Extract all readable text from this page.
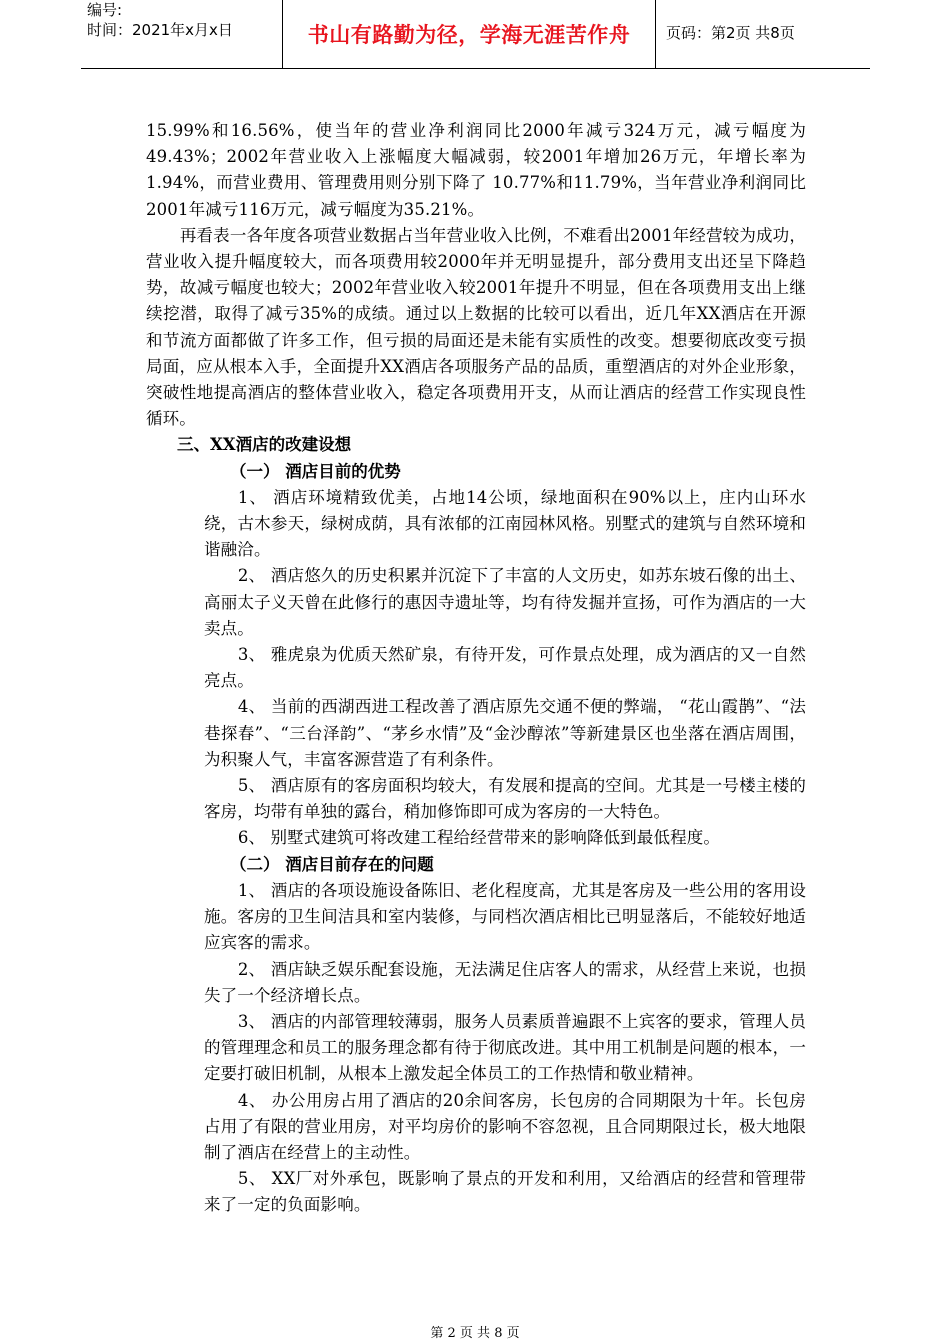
编号:
时间：2021年x月x日	书山有路勤为径，学海无涯苦作舟	页码：第2页 共8页

15.99%和16.56%，使当年的营业净利润同比2000年减亏324万元，减亏幅度为49.43%；2002年营业收入上涨幅度大幅减弱，较2001年增加26万元，年增长率为1.94%，而营业费用、管理费用则分别下降了 10.77%和11.79%，当年营业净利润同比2001年减亏116万元，减亏幅度为35.21%。

再看表一各年度各项营业数据占当年营业收入比例，不难看出2001年经营较为成功，营业收入提升幅度较大，而各项费用较2000年并无明显提升，部分费用支出还呈下降趋势，故减亏幅度也较大；2002年营业收入较2001年提升不明显，但在各项费用支出上继续挖潜，取得了减亏35%的成绩。通过以上数据的比较可以看出，近几年XX酒店在开源和节流方面都做了许多工作，但亏损的局面还是未能有实质性的改变。想要彻底改变亏损局面，应从根本入手，全面提升XX酒店各项服务产品的品质，重塑酒店的对外企业形象，突破性地提高酒店的整体营业收入，稳定各项费用开支，从而让酒店的经营工作实现良性循环。

三、XX酒店的改建设想
（一） 酒店目前的优势

1、 酒店环境精致优美，占地14公顷，绿地面积在90%以上，庄内山环水绕，古木参天，绿树成荫，具有浓郁的江南园林风格。别墅式的建筑与自然环境和谐融洽。

2、 酒店悠久的历史积累并沉淀下了丰富的人文历史，如苏东坡石像的出土、高丽太子义天曾在此修行的惠因寺遗址等，均有待发掘并宣扬，可作为酒店的一大卖点。

3、 雅虎泉为优质天然矿泉，有待开发，可作景点处理，成为酒店的又一自然亮点。

4、 当前的西湖西进工程改善了酒店原先交通不便的弊端， “花山霞鹊”、“法巷探春”、“三台泽韵”、“茅乡水情”及“金沙醇浓”等新建景区也坐落在酒店周围，为积聚人气，丰富客源营造了有利条件。

5、 酒店原有的客房面积均较大，有发展和提高的空间。尤其是一号楼主楼的客房，均带有单独的露台，稍加修饰即可成为客房的一大特色。

6、 别墅式建筑可将改建工程给经营带来的影响降低到最低程度。

（二） 酒店目前存在的问题

1、 酒店的各项设施设备陈旧、老化程度高，尤其是客房及一些公用的客用设施。客房的卫生间洁具和室内装修，与同档次酒店相比已明显落后，不能较好地适应宾客的需求。

2、 酒店缺乏娱乐配套设施，无法满足住店客人的需求，从经营上来说，也损失了一个经济增长点。

3、 酒店的内部管理较薄弱，服务人员素质普遍跟不上宾客的要求，管理人员的管理理念和员工的服务理念都有待于彻底改进。其中用工机制是问题的根本，一定要打破旧机制，从根本上激发起全体员工的工作热情和敬业精神。

4、 办公用房占用了酒店的20余间客房，长包房的合同期限为十年。长包房占用了有限的营业用房，对平均房价的影响不容忽视，且合同期限过长，极大地限制了酒店在经营上的主动性。

5、 XX厂对外承包，既影响了景点的开发和利用，又给酒店的经营和管理带来了一定的负面影响。

第 2 页 共 8 页
